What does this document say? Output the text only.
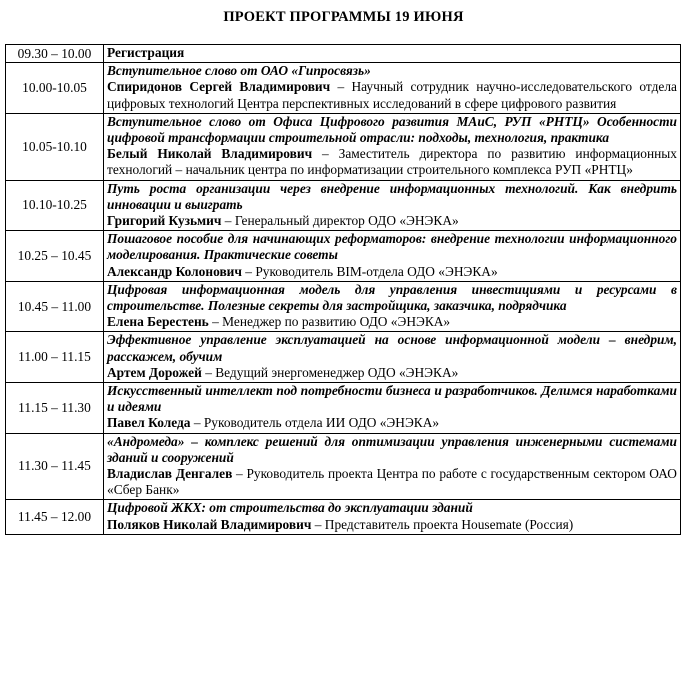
ПРОЕКТ ПРОГРАММЫ 19 ИЮНЯ
09.30 – 10.00	Регистрация
10.00-10.05	Вступительное слово от ОАО «Гипросвязь»
Спиридонов Сергей Владимирович – Научный сотрудник научно-исследовательского отдела цифровых технологий Центра перспективных исследований в сфере цифрового развития
10.05-10.10	Вступительное слово от Офиса Цифрового развития МАиС, РУП «РНТЦ» Особенности цифровой трансформации строительной отрасли: подходы, технология, практика
Белый Николай Владимирович – Заместитель директора по развитию информационных технологий – начальник центра по информатизации строительного комплекса РУП «РНТЦ»
10.10-10.25	Путь роста организации через внедрение информационных технологий. Как внедрить инновации и выиграть
Григорий Кузьмич – Генеральный директор ОДО «ЭНЭКА»
10.25 – 10.45	Пошаговое пособие для начинающих реформаторов: внедрение технологии информационного моделирования. Практические советы
Александр Колонович – Руководитель BIM-отдела ОДО «ЭНЭКА»
10.45 – 11.00	Цифровая информационная модель для управления инвестициями и ресурсами в строительстве. Полезные секреты для застройщика, заказчика, подрядчика
Елена Берестень – Менеджер по развитию ОДО «ЭНЭКА»
11.00 – 11.15	Эффективное управление эксплуатацией на основе информационной модели – внедрим, расскажем, обучим
Артем Дорожей – Ведущий энергоменеджер ОДО «ЭНЭКА»
11.15 – 11.30	Искусственный интеллект под потребности бизнеса и разработчиков. Делимся наработками и идеями
Павел Коледа – Руководитель отдела ИИ ОДО «ЭНЭКА»
11.30 – 11.45	«Андромеда» – комплекс решений для оптимизации управления инженерными системами зданий и сооружений
Владислав Денгалев – Руководитель проекта Центра по работе с государственным сектором ОАО «Сбер Банк»
11.45 – 12.00	Цифровой ЖКХ: от строительства до эксплуатации зданий
Поляков Николай Владимирович – Представитель проекта Housemate (Россия)
